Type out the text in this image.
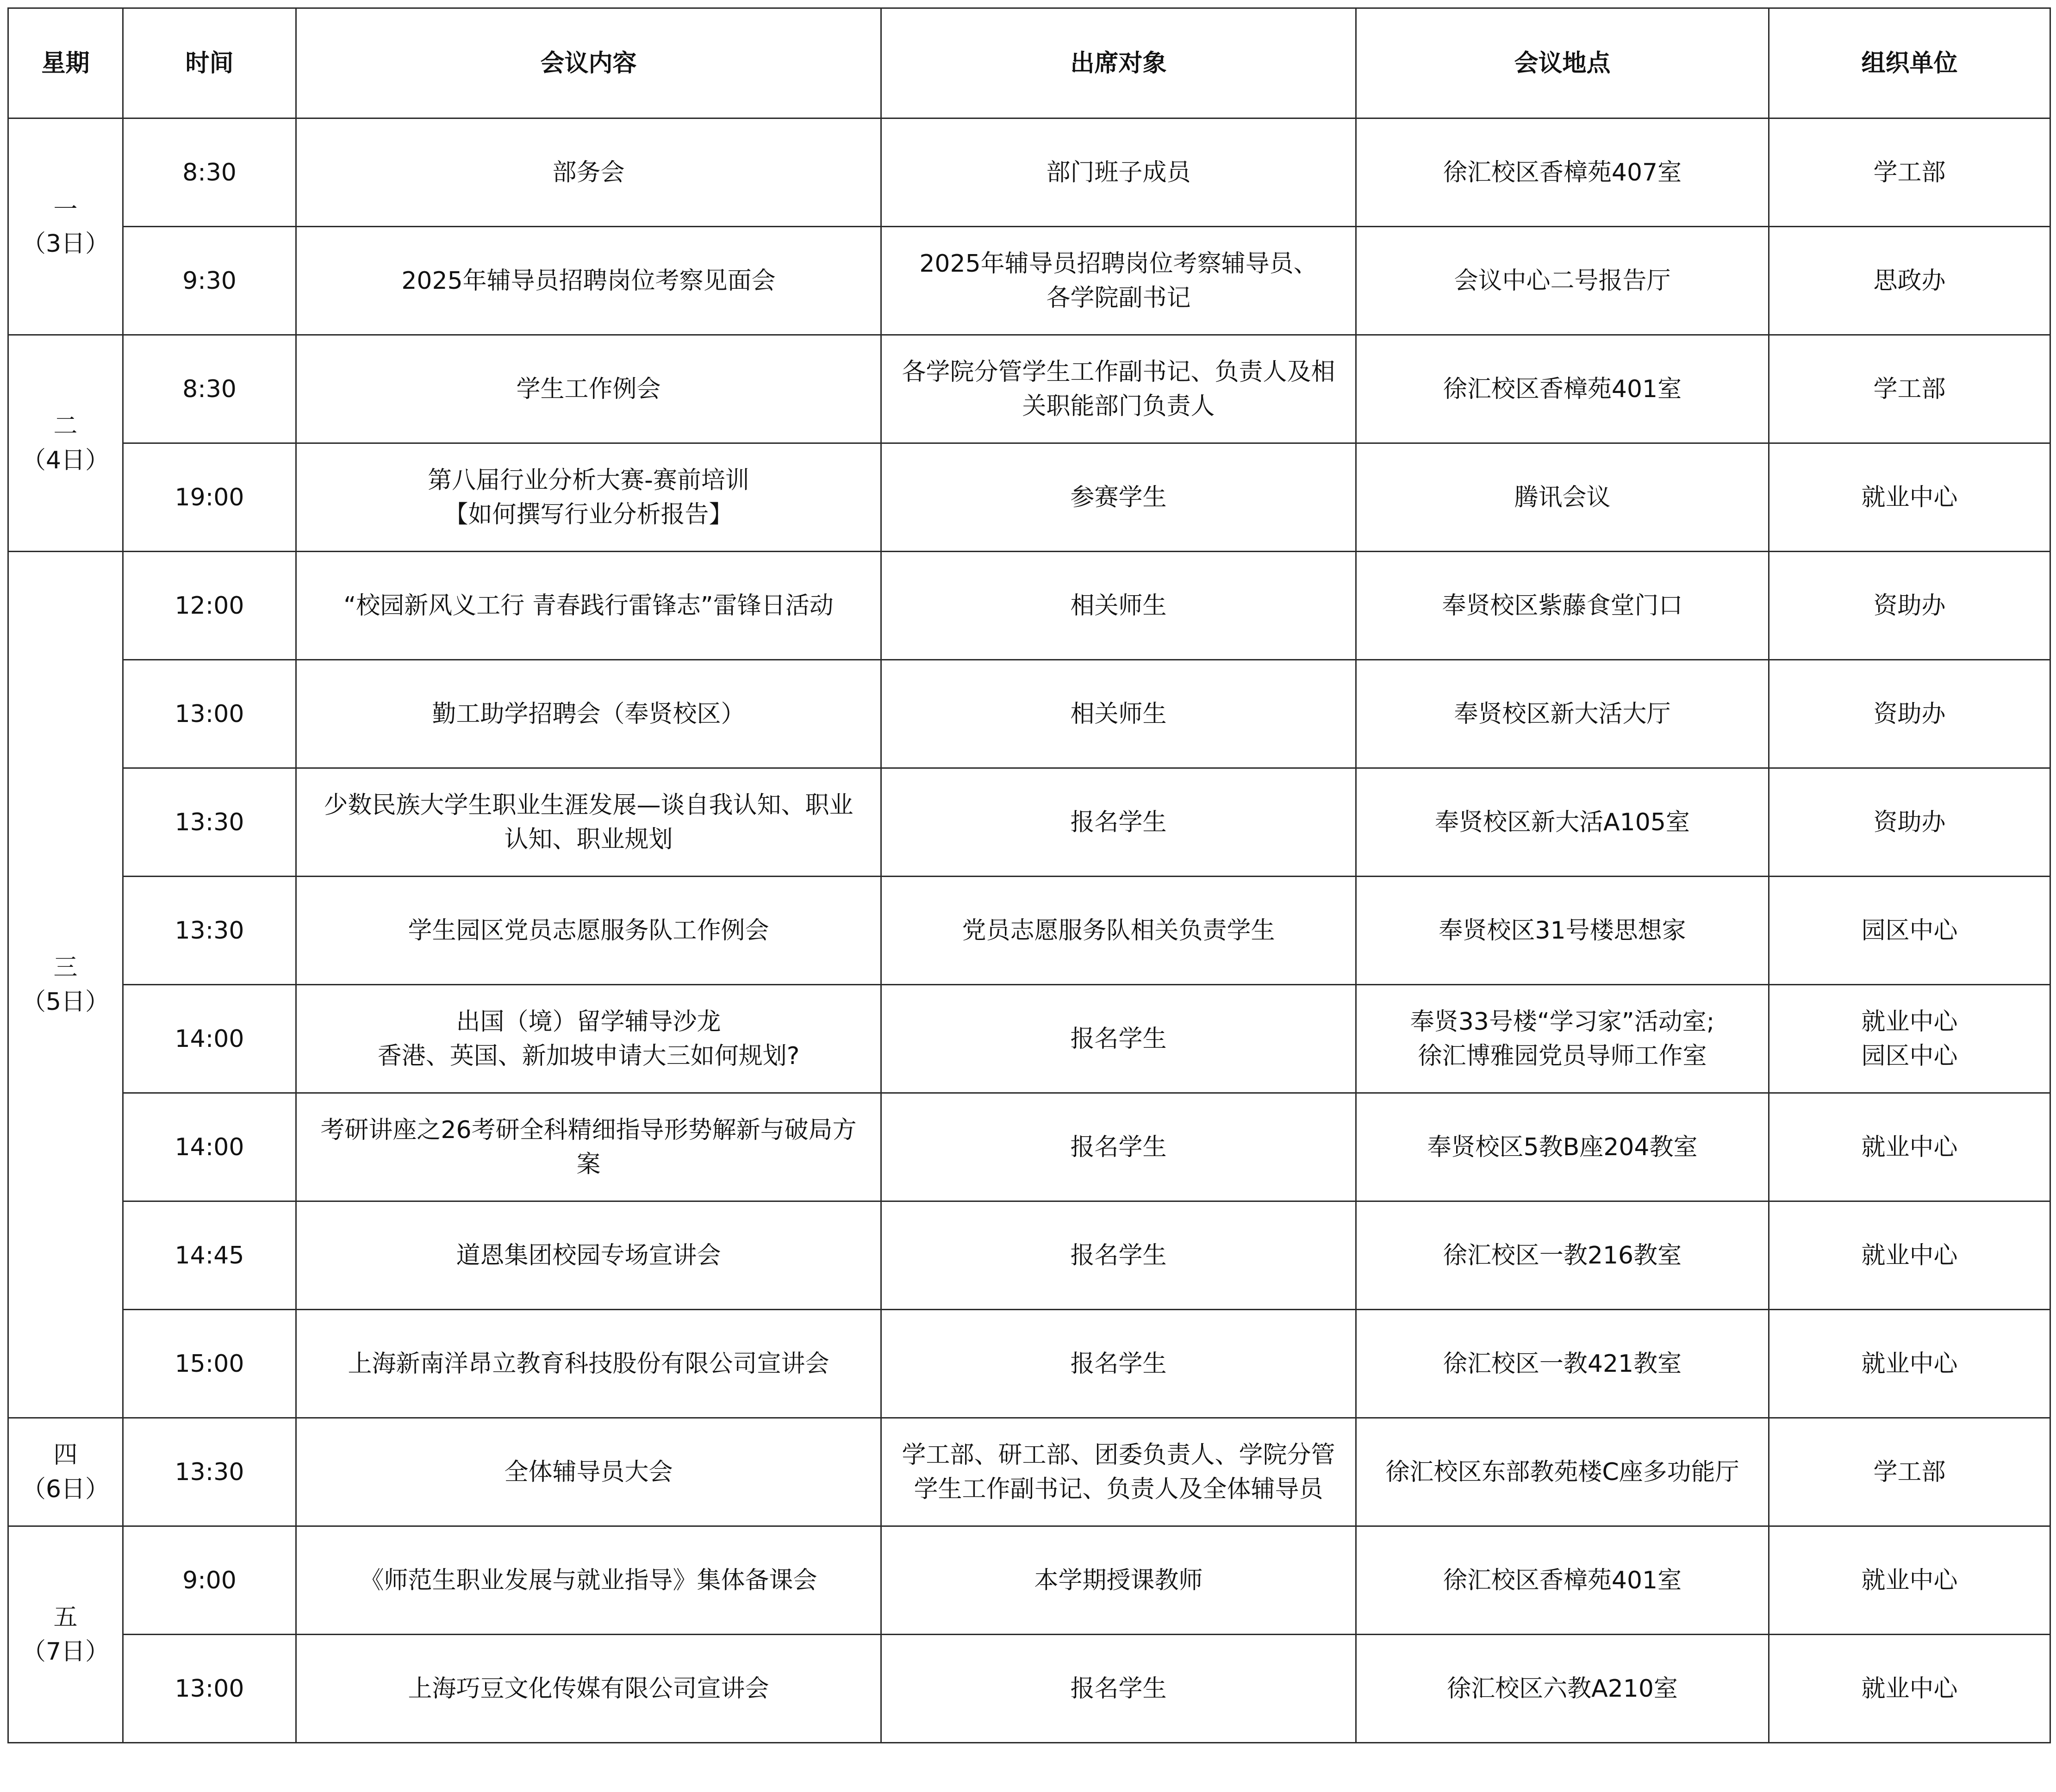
星期	时间	会议内容	出席对象	会议地点	组织单位

一
（3日）	8:30	部务会	部门班子成员	徐汇校区香樟苑407室	学工部

	9:30	2025年辅导员招聘岗位考察见面会	2025年辅导员招聘岗位考察辅导员、
各学院副书记	会议中心二号报告厅	思政办

二
（4日）	8:30	学生工作例会	各学院分管学生工作副书记、负责人及相
关职能部门负责人	徐汇校区香樟苑401室	学工部

	19:00	第八届行业分析大赛-赛前培训
【如何撰写行业分析报告】	参赛学生	腾讯会议	就业中心

三
（5日）	12:00	“校园新风义工行 青春践行雷锋志”雷锋日活动	相关师生	奉贤校区紫藤食堂门口	资助办

	13:00	勤工助学招聘会（奉贤校区）	相关师生	奉贤校区新大活大厅	资助办

	13:30	少数民族大学生职业生涯发展—谈自我认知、职业
认知、职业规划	报名学生	奉贤校区新大活A105室	资助办

	13:30	学生园区党员志愿服务队工作例会	党员志愿服务队相关负责学生	奉贤校区31号楼思想家	园区中心

	14:00	出国（境）留学辅导沙龙
香港、英国、新加坡申请大三如何规划?	报名学生	奉贤33号楼“学习家”活动室;
徐汇博雅园党员导师工作室	就业中心
园区中心

	14:00	考研讲座之26考研全科精细指导形势解新与破局方
案	报名学生	奉贤校区5教B座204教室	就业中心

	14:45	道恩集团校园专场宣讲会	报名学生	徐汇校区一教216教室	就业中心

	15:00	上海新南洋昂立教育科技股份有限公司宣讲会	报名学生	徐汇校区一教421教室	就业中心

四
（6日）	13:30	全体辅导员大会	学工部、研工部、团委负责人、学院分管
学生工作副书记、负责人及全体辅导员	徐汇校区东部教苑楼C座多功能厅	学工部

五
（7日）	9:00	《师范生职业发展与就业指导》集体备课会	本学期授课教师	徐汇校区香樟苑401室	就业中心

	13:00	上海巧豆文化传媒有限公司宣讲会	报名学生	徐汇校区六教A210室	就业中心
